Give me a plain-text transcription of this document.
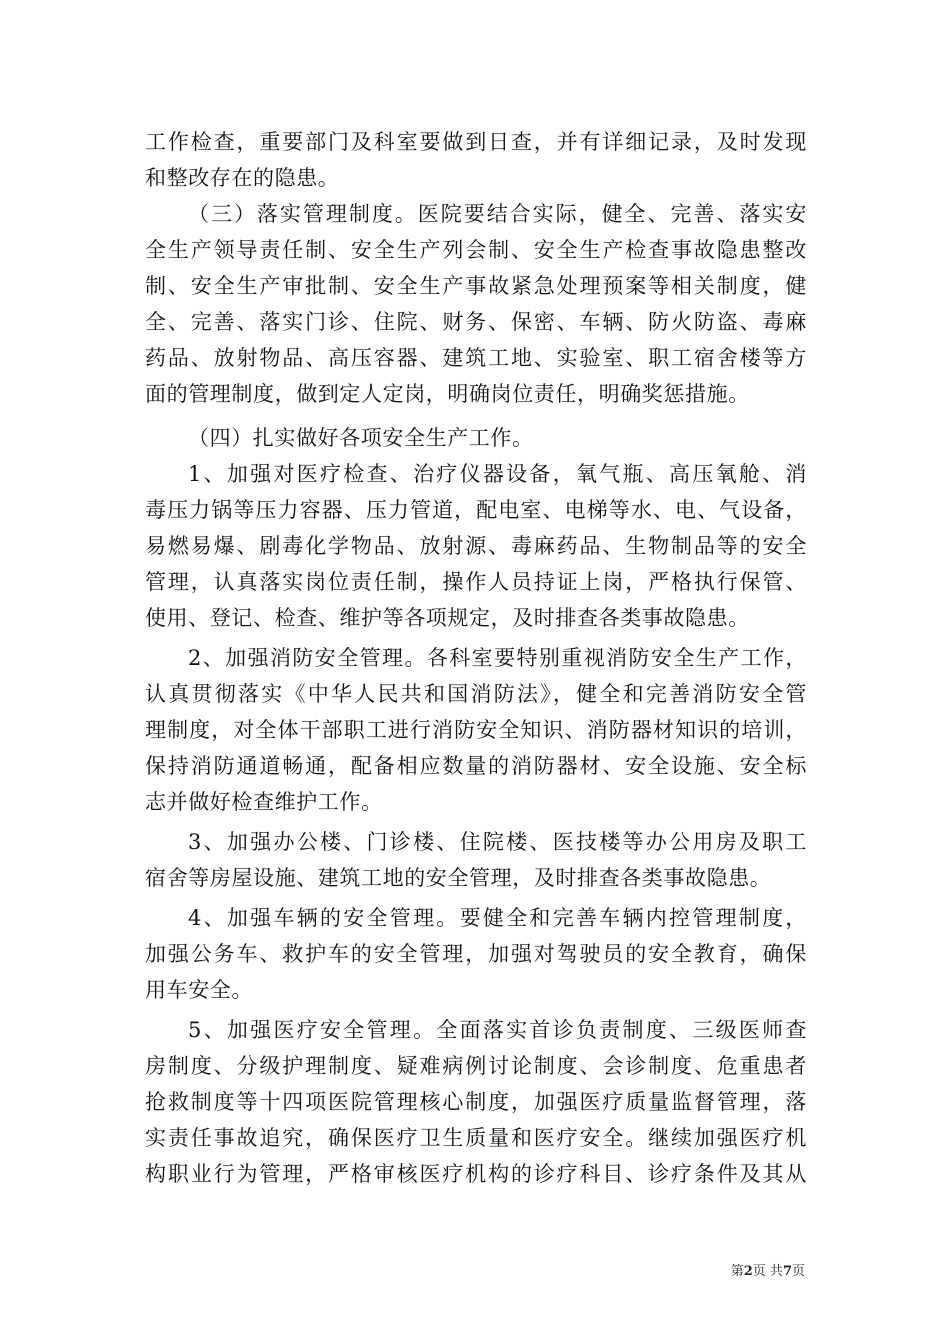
工作检查，重要部门及科室要做到日查，并有详细记录，及时发现
和整改存在的隐患。
（三）落实管理制度。医院要结合实际，健全、完善、落实安
全生产领导责任制、安全生产列会制、安全生产检查事故隐患整改
制、安全生产审批制、安全生产事故紧急处理预案等相关制度，健
全、完善、落实门诊、住院、财务、保密、车辆、防火防盗、毒麻
药品、放射物品、高压容器、建筑工地、实验室、职工宿舍楼等方
面的管理制度，做到定人定岗，明确岗位责任，明确奖惩措施。
（四）扎实做好各项安全生产工作。
1、加强对医疗检查、治疗仪器设备，氧气瓶、高压氧舱、消
毒压力锅等压力容器、压力管道，配电室、电梯等水、电、气设备，
易燃易爆、剧毒化学物品、放射源、毒麻药品、生物制品等的安全
管理，认真落实岗位责任制，操作人员持证上岗，严格执行保管、
使用、登记、检查、维护等各项规定，及时排查各类事故隐患。
2、加强消防安全管理。各科室要特别重视消防安全生产工作，
认真贯彻落实《中华人民共和国消防法》，健全和完善消防安全管
理制度，对全体干部职工进行消防安全知识、消防器材知识的培训，
保持消防通道畅通，配备相应数量的消防器材、安全设施、安全标
志并做好检查维护工作。
3、加强办公楼、门诊楼、住院楼、医技楼等办公用房及职工
宿舍等房屋设施、建筑工地的安全管理，及时排查各类事故隐患。
4、加强车辆的安全管理。要健全和完善车辆内控管理制度，
加强公务车、救护车的安全管理，加强对驾驶员的安全教育，确保
用车安全。
5、加强医疗安全管理。全面落实首诊负责制度、三级医师查
房制度、分级护理制度、疑难病例讨论制度、会诊制度、危重患者
抢救制度等十四项医院管理核心制度，加强医疗质量监督管理，落
实责任事故追究，确保医疗卫生质量和医疗安全。继续加强医疗机
构职业行为管理，严格审核医疗机构的诊疗科目、诊疗条件及其从
第2页 共7页
